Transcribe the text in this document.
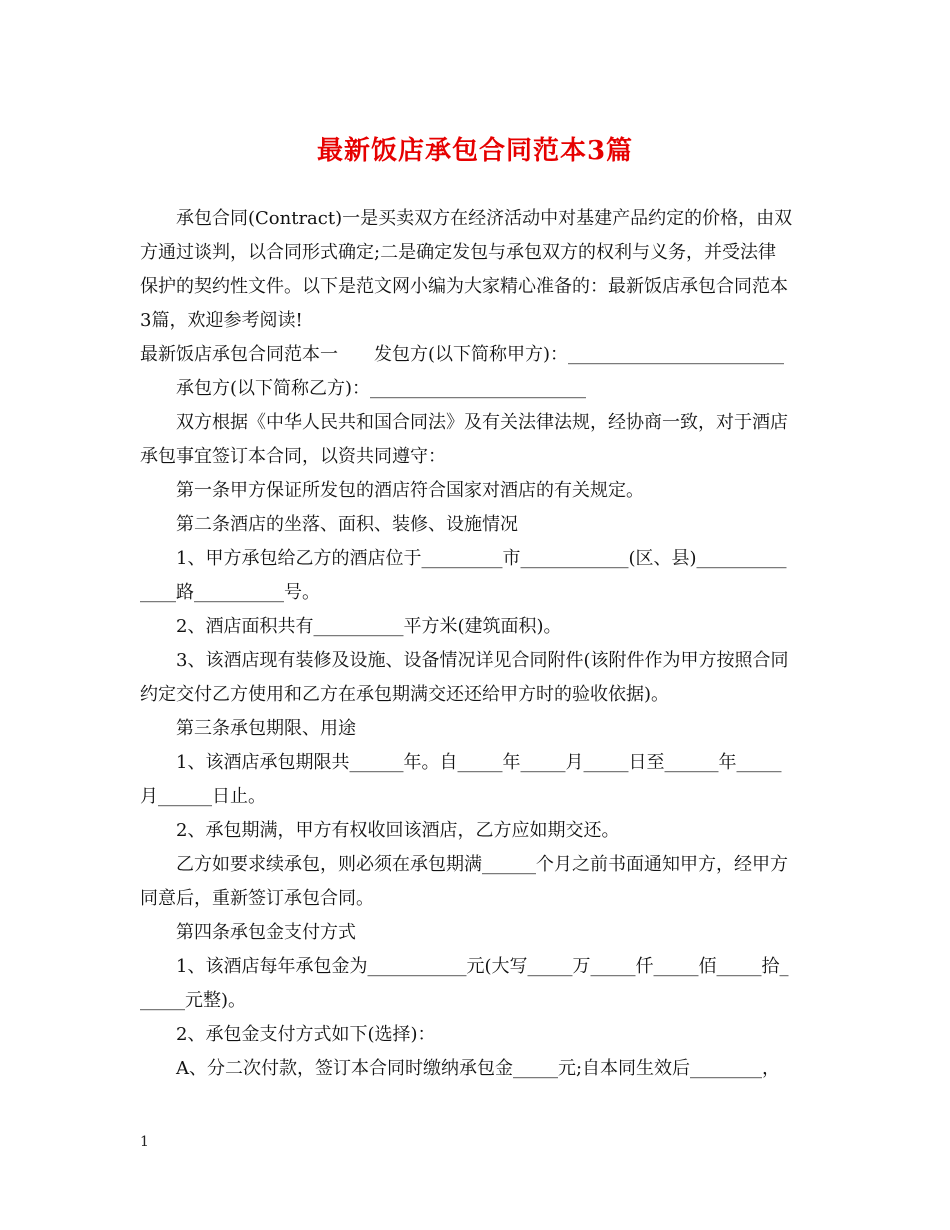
最新饭店承包合同范本3篇
承包合同(Contract)一是买卖双方在经济活动中对基建产品约定的价格，由双
方通过谈判，以合同形式确定;二是确定发包与承包双方的权利与义务，并受法律
保护的契约性文件。以下是范文网小编为大家精心准备的：最新饭店承包合同范本
3篇，欢迎参考阅读!
最新饭店承包合同范本一　　发包方(以下简称甲方)：________________________
承包方(以下简称乙方)：________________________
双方根据《中华人民共和国合同法》及有关法律法规，经协商一致，对于酒店
承包事宜签订本合同，以资共同遵守：
第一条甲方保证所发包的酒店符合国家对酒店的有关规定。
第二条酒店的坐落、面积、装修、设施情况
1、甲方承包给乙方的酒店位于_________市____________(区、县)__________
____路__________号。
2、酒店面积共有__________平方米(建筑面积)。
3、该酒店现有装修及设施、设备情况详见合同附件(该附件作为甲方按照合同
约定交付乙方使用和乙方在承包期满交还还给甲方时的验收依据)。
第三条承包期限、用途
1、该酒店承包期限共______年。自_____年_____月_____日至______年_____
月______日止。
2、承包期满，甲方有权收回该酒店，乙方应如期交还。
乙方如要求续承包，则必须在承包期满______个月之前书面通知甲方，经甲方
同意后，重新签订承包合同。
第四条承包金支付方式
1、该酒店每年承包金为___________元(大写_____万_____仟_____佰_____拾_
_____元整)。
2、承包金支付方式如下(选择)：
A、分二次付款，签订本合同时缴纳承包金_____元;自本同生效后________，
1
